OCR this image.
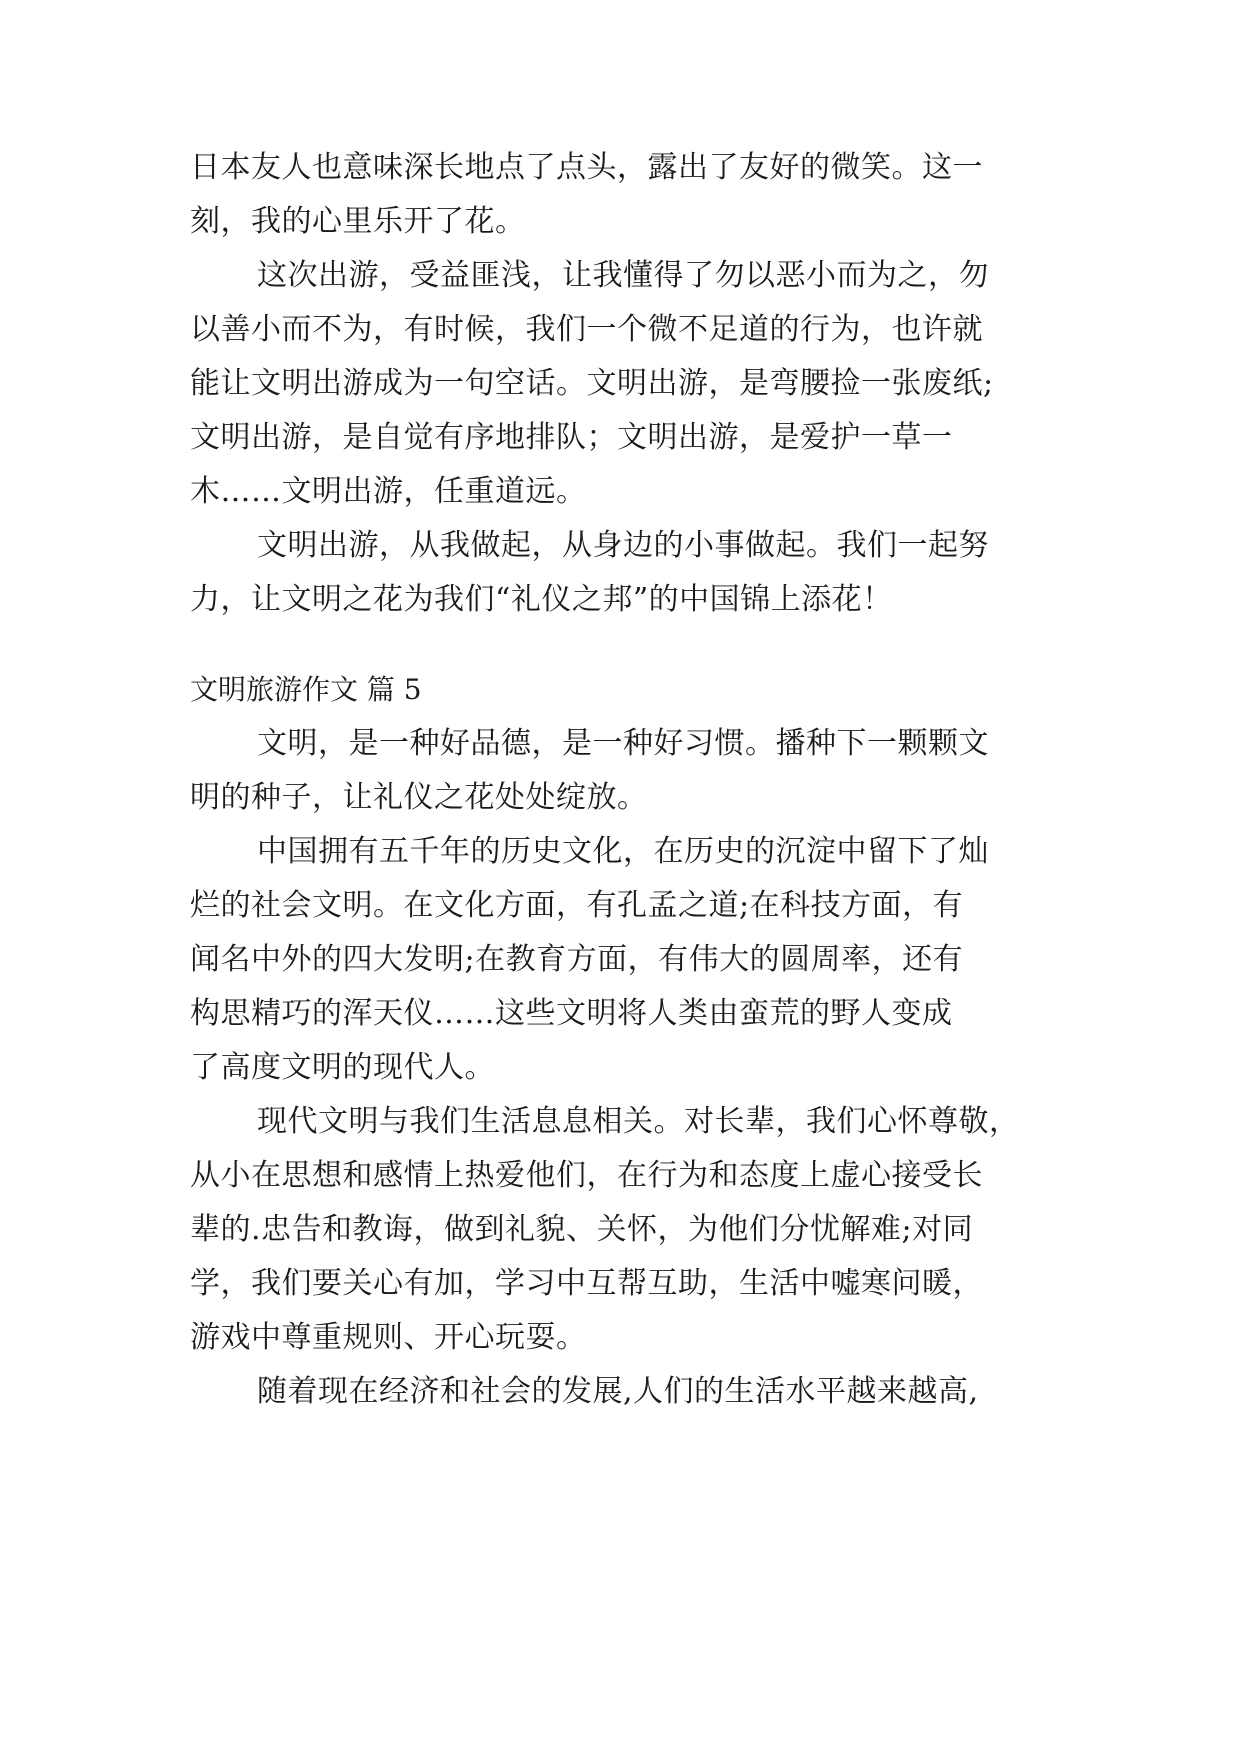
日本友人也意味深长地点了点头，露出了友好的微笑。这一
刻，我的心里乐开了花。
这次出游，受益匪浅，让我懂得了勿以恶小而为之，勿
以善小而不为，有时候，我们一个微不足道的行为，也许就
能让文明出游成为一句空话。文明出游，是弯腰捡一张废纸;
文明出游，是自觉有序地排队；文明出游，是爱护一草一
木……文明出游，任重道远。
文明出游，从我做起，从身边的小事做起。我们一起努
力，让文明之花为我们“礼仪之邦”的中国锦上添花！
文明旅游作文 篇 5
文明，是一种好品德，是一种好习惯。播种下一颗颗文
明的种子，让礼仪之花处处绽放。
中国拥有五千年的历史文化，在历史的沉淀中留下了灿
烂的社会文明。在文化方面，有孔孟之道;在科技方面，有
闻名中外的四大发明;在教育方面，有伟大的圆周率，还有
构思精巧的浑天仪……这些文明将人类由蛮荒的野人变成
了高度文明的现代人。
现代文明与我们生活息息相关。对长辈，我们心怀尊敬，
从小在思想和感情上热爱他们，在行为和态度上虚心接受长
辈的.忠告和教诲，做到礼貌、关怀，为他们分忧解难;对同
学，我们要关心有加，学习中互帮互助，生活中嘘寒问暖，
游戏中尊重规则、开心玩耍。
随着现在经济和社会的发展,人们的生活水平越来越高,
